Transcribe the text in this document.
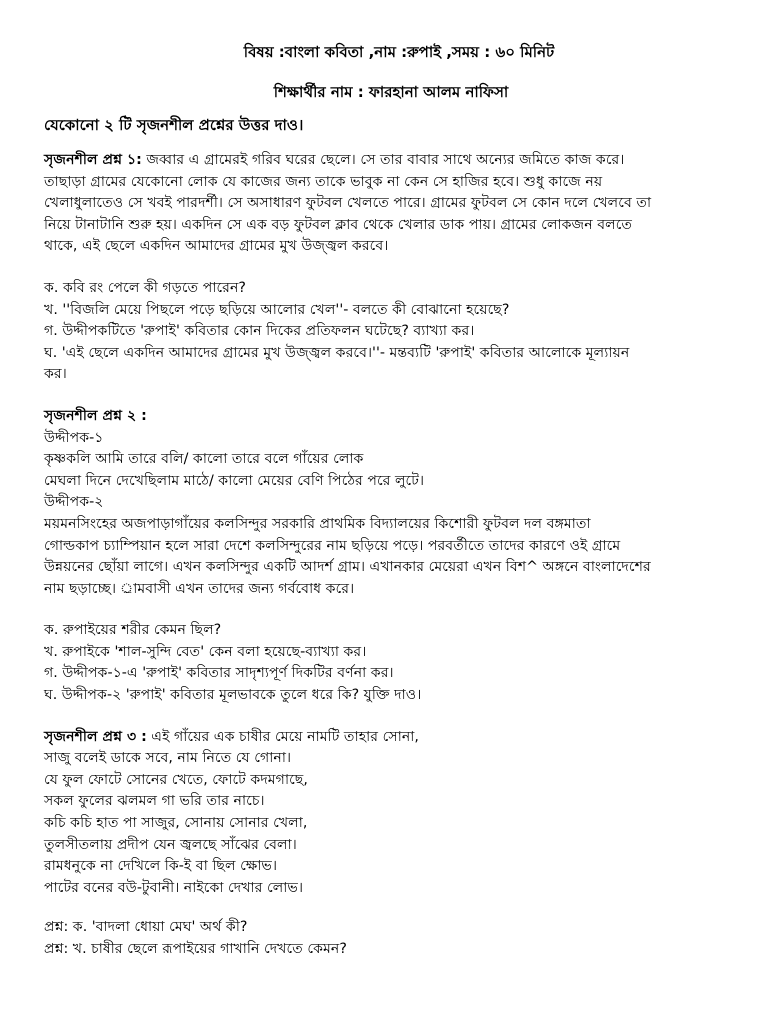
বিষয় :বাংলা কবিতা ,নাম :রুপাই ,সময় : ৬০ মিনিট
শিক্ষার্থীর নাম : ফারহানা আলম নাফিসা
যেকোনো ২ টি সৃজনশীল প্রশ্নের উত্তর দাও।
সৃজনশীল প্রশ্ন ১: জব্বার এ গ্রামেরই গরিব ঘরের ছেলে। সে তার বাবার সাথে অন্যের জমিতে কাজ করে।
তাছাড়া গ্রামের যেকোনো লোক যে কাজের জন্য তাকে ভাবুক না কেন সে হাজির হবে। শুধু কাজে নয়
খেলাধুলাতেও সে খবই পারদর্শী। সে অসাধারণ ফুটবল খেলতে পারে। গ্রামের ফুটবল সে কোন দলে খেলবে তা
নিয়ে টানাটানি শুরু হয়। একদিন সে এক বড় ফুটবল ক্লাব থেকে খেলার ডাক পায়। গ্রামের লোকজন বলতে
থাকে, এই ছেলে একদিন আমাদের গ্রামের মুখ উজ্জ্বল করবে।
ক. কবি রং পেলে কী গড়তে পারেন?
খ. ''বিজলি মেয়ে পিছলে পড়ে ছড়িয়ে আলোর খেল''- বলতে কী বোঝানো হয়েছে?
গ. উদ্দীপকটিতে 'রুপাই' কবিতার কোন দিকের প্রতিফলন ঘটেছে? ব্যাখ্যা কর।
ঘ. 'এই ছেলে একদিন আমাদের গ্রামের মুখ উজ্জ্বল করবে।''- মন্তব্যটি 'রুপাই' কবিতার আলোকে মূল্যায়ন
কর।
সৃজনশীল প্রশ্ন ২ :
উদ্দীপক-১
কৃষ্ণকলি আমি তারে বলি/ কালো তারে বলে গাঁয়ের লোক
মেঘলা দিনে দেখেছিলাম মাঠে/ কালো মেয়ের বেণি পিঠের পরে লুটে।
উদ্দীপক-২
ময়মনসিংহের অজপাড়াগাঁয়ের কলসিন্দুর সরকারি প্রাথমিক বিদ্যালয়ের কিশোরী ফুটবল দল বঙ্গমাতা
গোল্ডকাপ চ্যাম্পিয়ান হলে সারা দেশে কলসিন্দুরের নাম ছড়িয়ে পড়ে। পরবর্তীতে তাদের কারণে ওই গ্রামে
উন্নয়নের ছোঁয়া লাগে। এখন কলসিন্দুর একটি আদর্শ গ্রাম। এখানকার মেয়েরা এখন বিশ^ অঙ্গনে বাংলাদেশের
নাম ছড়াচ্ছে। ্রামবাসী এখন তাদের জন্য গর্ববোধ করে।
ক. রুপাইয়ের শরীর কেমন ছিল?
খ. রুপাইকে 'শাল-সুন্দি বেত' কেন বলা হয়েছে-ব্যাখ্যা কর।
গ. উদ্দীপক-১-এ 'রুপাই' কবিতার সাদৃশ্যপূর্ণ দিকটির বর্ণনা কর।
ঘ. উদ্দীপক-২ 'রুপাই' কবিতার মূলভাবকে তুলে ধরে কি? যুক্তি দাও।
সৃজনশীল প্রশ্ন ৩ : এই গাঁয়ের এক চাষীর মেয়ে নামটি তাহার সোনা,
সাজু বলেই ডাকে সবে, নাম নিতে যে গোনা।
যে ফুল ফোটে সোনের খেতে, ফোটে কদমগাছে,
সকল ফুলের ঝলমল গা ভরি তার নাচে।
কচি কচি হাত পা সাজুর, সোনায় সোনার খেলা,
তুলসীতলায় প্রদীপ যেন জ্বলছে সাঁঝের বেলা।
রামধনুকে না দেখিলে কি-ই বা ছিল ক্ষোভ।
পাটের বনের বউ-টুবানী। নাইকো দেখার লোভ।
প্রশ্ন: ক. 'বাদলা ধোয়া মেঘ' অর্থ কী?
প্রশ্ন: খ. চাষীর ছেলে রূপাইয়ের গাখানি দেখতে কেমন?
